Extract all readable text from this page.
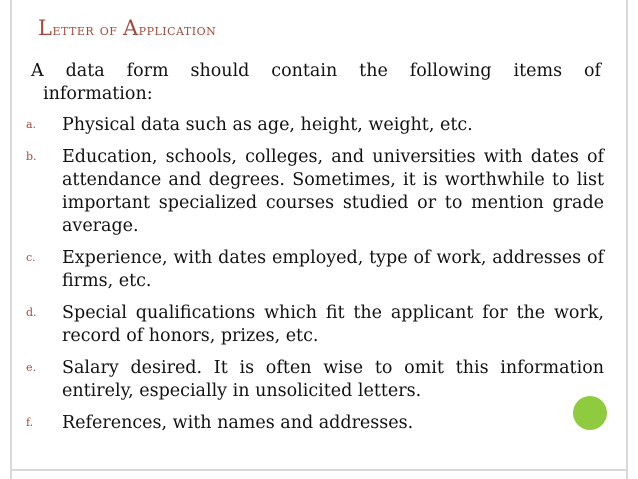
Letter of Application
A data form should contain the following items of
information:
a. Physical data such as age, height, weight, etc.
b. Education, schools, colleges, and universities with dates of attendance and degrees. Sometimes, it is worthwhile to list important specialized courses studied or to mention grade average.
c. Experience, with dates employed, type of work, addresses of firms, etc.
d. Special qualifications which fit the applicant for the work, record of honors, prizes, etc.
e. Salary desired. It is often wise to omit this information entirely, especially in unsolicited letters.
f. References, with names and addresses.
